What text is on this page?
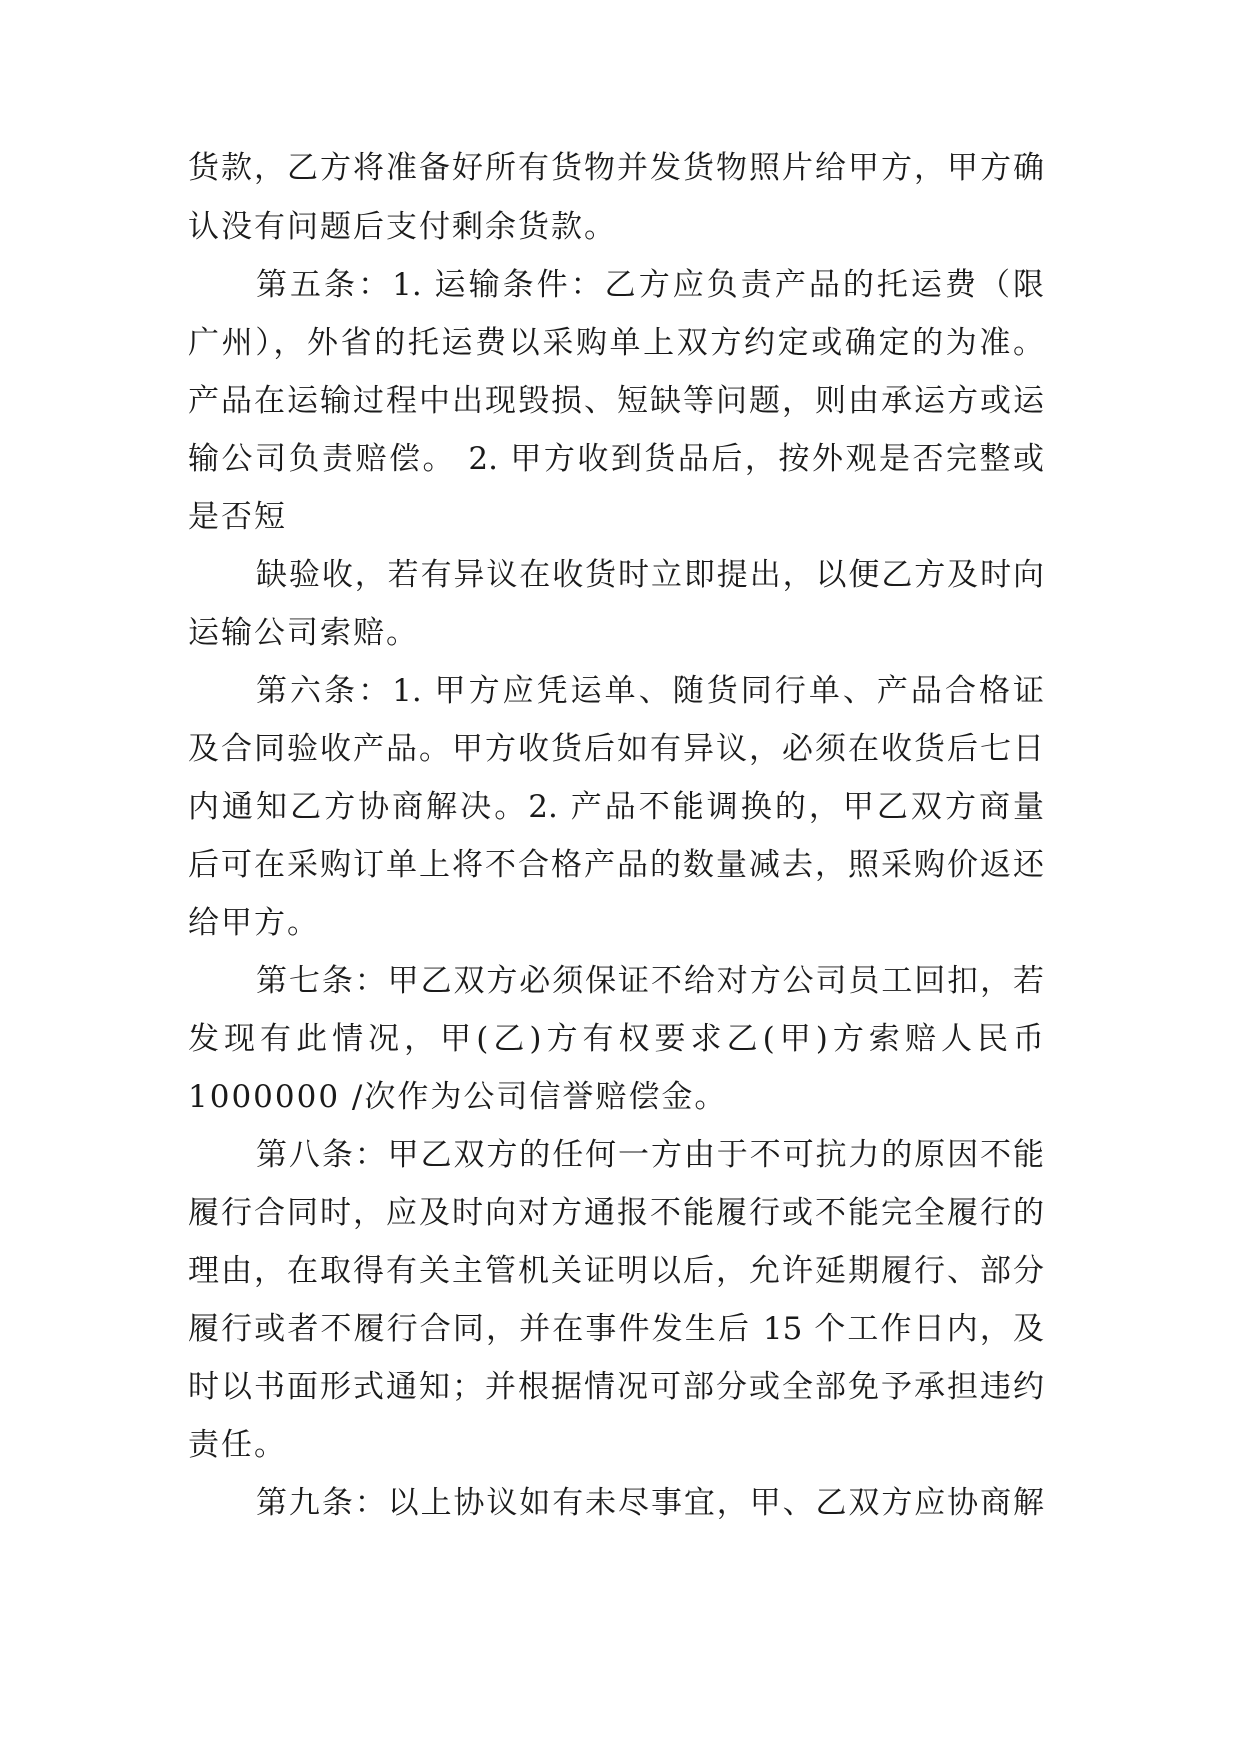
货款，乙方将准备好所有货物并发货物照片给甲方，甲方确
认没有问题后支付剩余货款。
第五条：1. 运输条件：乙方应负责产品的托运费（限
广州），外省的托运费以采购单上双方约定或确定的为准。
产品在运输过程中出现毁损、短缺等问题，则由承运方或运
输公司负责赔偿。 2. 甲方收到货品后，按外观是否完整或
是否短
缺验收，若有异议在收货时立即提出，以便乙方及时向
运输公司索赔。
第六条：1. 甲方应凭运单、随货同行单、产品合格证
及合同验收产品。甲方收货后如有异议，必须在收货后七日
内通知乙方协商解决。2. 产品不能调换的，甲乙双方商量
后可在采购订单上将不合格产品的数量减去，照采购价返还
给甲方。
第七条：甲乙双方必须保证不给对方公司员工回扣，若
发现有此情况，甲(乙)方有权要求乙(甲)方索赔人民币
1000000 /次作为公司信誉赔偿金。
第八条：甲乙双方的任何一方由于不可抗力的原因不能
履行合同时，应及时向对方通报不能履行或不能完全履行的
理由，在取得有关主管机关证明以后，允许延期履行、部分
履行或者不履行合同，并在事件发生后 15 个工作日内，及
时以书面形式通知；并根据情况可部分或全部免予承担违约
责任。
第九条：以上协议如有未尽事宜，甲、乙双方应协商解
